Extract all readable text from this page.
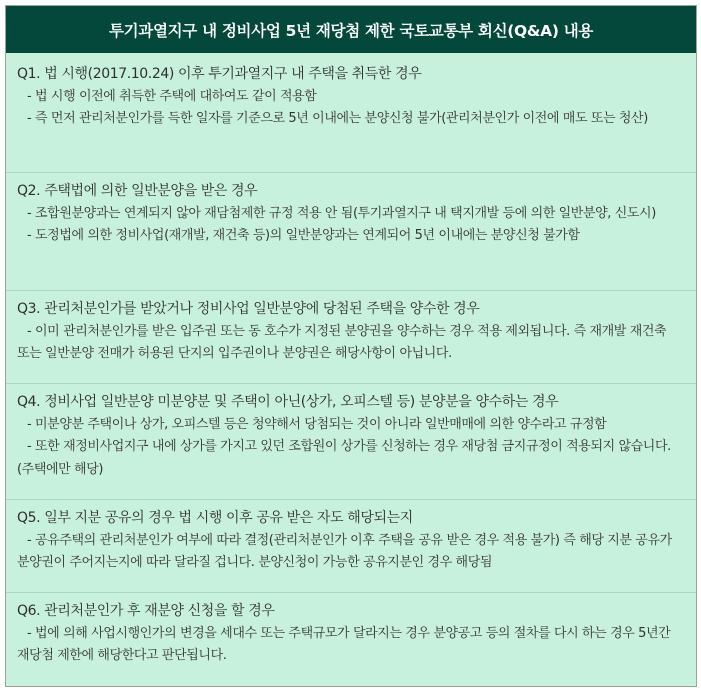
투기과열지구 내 정비사업 5년 재당첨 제한 국토교통부 회신(Q&A) 내용
Q1. 법 시행(2017.10.24) 이후 투기과열지구 내 주택을 취득한 경우
- 법 시행 이전에 취득한 주택에 대하여도 같이 적용함
- 즉 먼저 관리처분인가를 득한 일자를 기준으로 5년 이내에는 분양신청 불가(관리처분인가 이전에 매도 또는 청산)
Q2. 주택법에 의한 일반분양을 받은 경우
- 조합원분양과는 연계되지 않아 재담첨제한 규정 적용 안 됨(투기과열지구 내 택지개발 등에 의한 일반분양, 신도시)
- 도정법에 의한 정비사업(재개발, 재건축 등)의 일반분양과는 연계되어 5년 이내에는 분양신청 불가함
Q3. 관리처분인가를 받았거나 정비사업 일반분양에 당첨된 주택을 양수한 경우
- 이미 관리처분인가를 받은 입주권 또는 동 호수가 지정된 분양권을 양수하는 경우 적용 제외됩니다. 즉 재개발 재건축 또는 일반분양 전매가 허용된 단지의 입주권이나 분양권은 해당사항이 아닙니다.
Q4. 정비사업 일반분양 미분양분 및 주택이 아닌(상가, 오피스텔 등) 분양분을 양수하는 경우
- 미분양분 주택이나 상가, 오피스텔 등은 청약해서 당첨되는 것이 아니라 일반매매에 의한 양수라고 규정함
- 또한 재정비사업지구 내에 상가를 가지고 있던 조합원이 상가를 신청하는 경우 재당첨 금지규정이 적용되지 않습니다.(주택에만 해당)
Q5. 일부 지분 공유의 경우 법 시행 이후 공유 받은 자도 해당되는지
- 공유주택의 관리처분인가 여부에 따라 결정(관리처분인가 이후 주택을 공유 받은 경우 적용 불가) 즉 해당 지분 공유가 분양권이 주어지는지에 따라 달라질 겁니다. 분양신청이 가능한 공유지분인 경우 해당됨
Q6. 관리처분인가 후 재분양 신청을 할 경우
- 법에 의해 사업시행인가의 변경을 세대수 또는 주택규모가 달라지는 경우 분양공고 등의 절차를 다시 하는 경우 5년간 재당첨 제한에 해당한다고 판단됩니다.
